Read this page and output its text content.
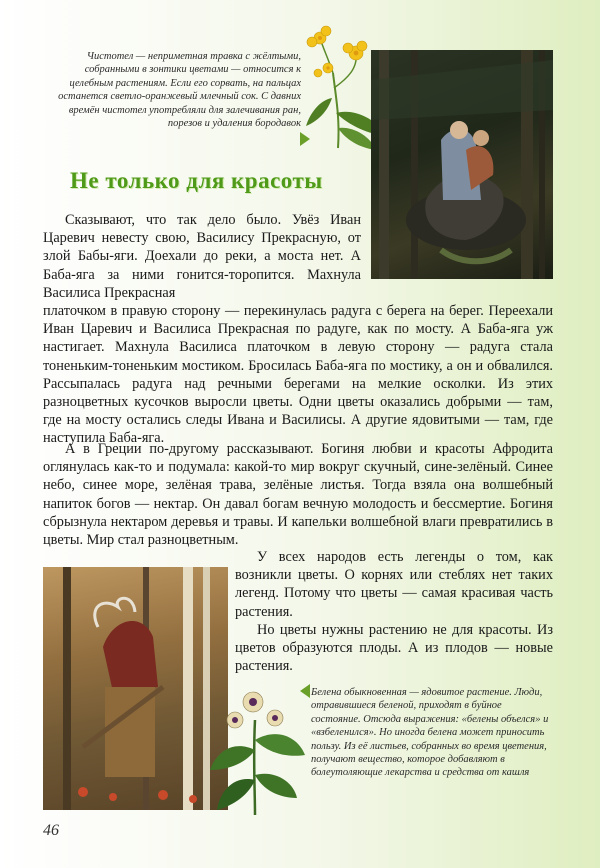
Чистотел — неприметная травка с жёлтыми, собранными в зонтики цветами — относится к целебным растениям. Если его сорвать, на пальцах останется светло-оранжевый млечный сок. С давних времён чистотел употребляли для залечивания ран, порезов и удаления бородавок
Не только для красоты
Сказывают, что так дело было. Увёз Иван Царевич невесту свою, Василису Прекрасную, от злой Бабы-яги. Доехали до реки, а моста нет. А Баба-яга за ними гонится-торопится. Махнула Василиса Прекрасная
платочком в правую сторону — перекинулась радуга с берега на берег. Переехали Иван Царевич и Василиса Прекрасная по радуге, как по мосту. А Баба-яга уж настигает. Махнула Василиса платочком в левую сторону — радуга стала тоненьким-тоненьким мостиком. Бросилась Баба-яга по мостику, а он и обвалился. Рассыпалась радуга над речными берегами на мелкие осколки. Из этих разноцветных кусочков выросли цветы. Одни цветы оказались добрыми — там, где на мосту остались следы Ивана и Василисы. А другие ядовитыми — там, где наступила Баба-яга.
А в Греции по-другому рассказывают. Богиня любви и красоты Афродита оглянулась как-то и подумала: какой-то мир вокруг скучный, сине-зелёный. Синее небо, синее море, зелёная трава, зелёные листья. Тогда взяла она волшебный напиток богов — нектар. Он давал богам вечную молодость и бессмертие. Богиня сбрызнула нектаром деревья и травы. И капельки волшебной влаги превратились в цветы. Мир стал разноцветным.
У всех народов есть легенды о том, как возникли цветы. О корнях или стеблях нет таких легенд. Потому что цветы — самая красивая часть растения.
Но цветы нужны растению не для красоты. Из цветов образуются плоды. А из плодов — новые растения.
Белена обыкновенная — ядовитое растение. Люди, отравившиеся беленой, приходят в буйное состояние. Отсюда выражения: «белены объелся» и «взбеленился». Но иногда белена может приносить пользу. Из её листьев, собранных во время цветения, получают вещество, которое добавляют в болеутоляющие лекарства и средства от кашля
46
